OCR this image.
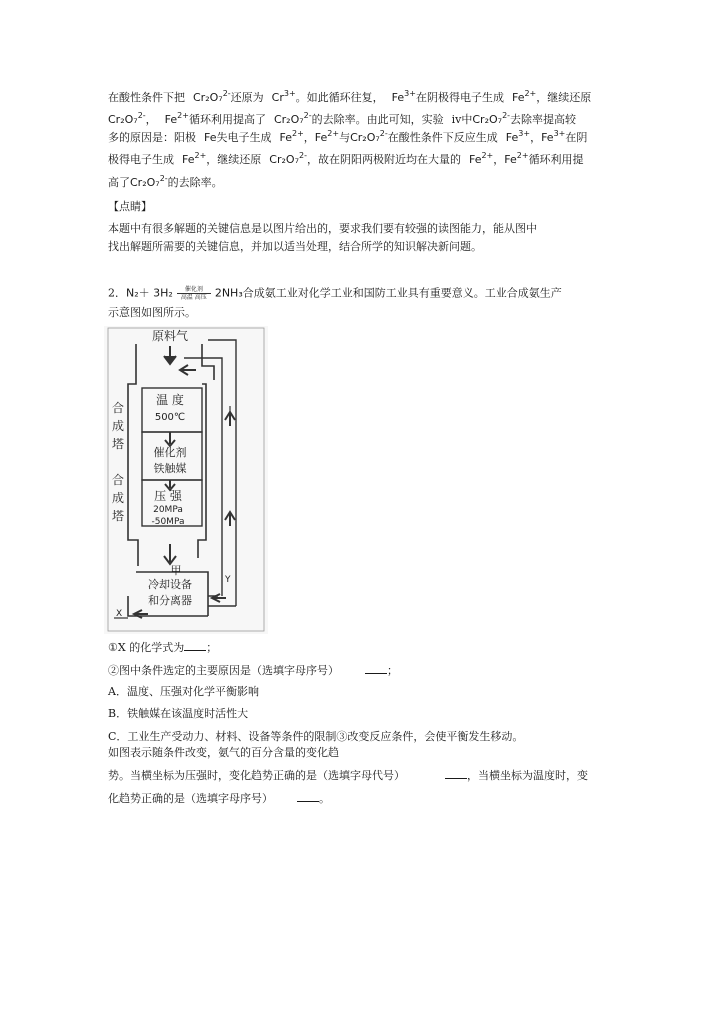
在酸性条件下把 Cr₂O₇$^{2-}$还原为 $Cr^{3+}$。如此循环往复， $Fe^{3+}$在阴极得电子生成 $Fe^{2+}$，继续还原
Cr₂O₇$^{2-}$， $Fe^{2+}$循环利用提高了 Cr₂O₇$^{2-}$的去除率。由此可知，实验 ⅳ中Cr₂O₇$^{2-}$去除率提高较
多的原因是：阳极 Fe失电子生成 $Fe^{2+}$，$Fe^{2+}$与Cr₂O₇$^{2-}$在酸性条件下反应生成 $Fe^{3+}$，$Fe^{3+}$在阴
极得电子生成 $Fe^{2+}$，继续还原 Cr₂O₇$^{2-}$，故在阴阳两极附近均在大量的 $Fe^{2+}$，$Fe^{2+}$循环利用提
高了Cr₂O₇$^{2-}$的去除率。
【点睛】
本题中有很多解题的关键信息是以图片给出的，要求我们要有较强的读图能力，能从图中
找出解题所需要的关键信息，并加以适当处理，结合所学的知识解决新问题。
2．N₂＋ 3H₂	催化剂
高温 高压 2NH₃合成氨工业对化学工业和国防工业具有重要意义。工业合成氨生产
示意图如图所示。
原料气
合
成
塔
合
成
塔
温 度
500℃
催化剂
铁触媒
压 强
20MPa
-50MPa
甲
冷却设备
和分离器
X
Y
①X 的化学式为 ；
②图中条件选定的主要原因是（选填字母序号）	；
A．温度、压强对化学平衡影响
B．铁触媒在该温度时活性大
C．工业生产受动力、材料、设备等条件的限制③改变反应条件，会使平衡发生移动。
如图表示随条件改变，氨气的百分含量的变化趋
势。当横坐标为压强时，变化趋势正确的是（选填字母代号）	，当横坐标为温度时，变
化趋势正确的是（选填字母序号）	。
